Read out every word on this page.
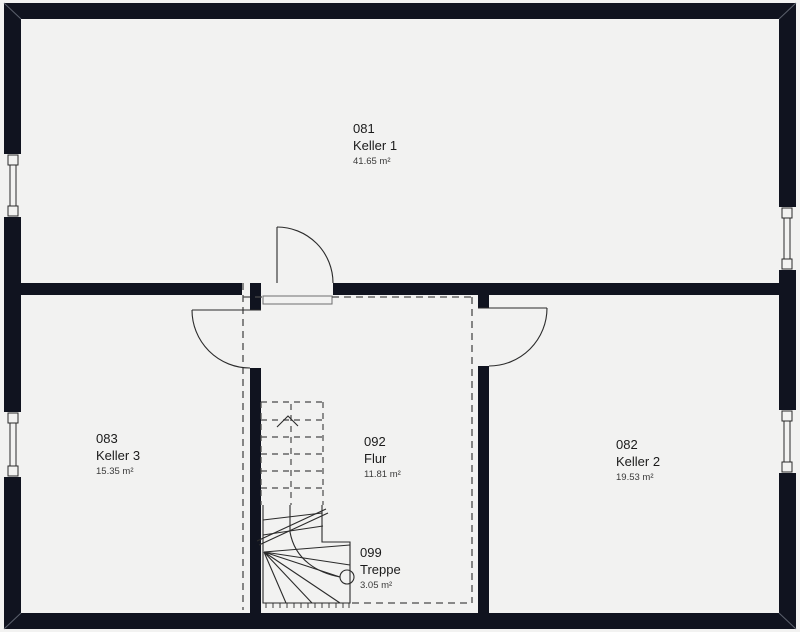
081
Keller 1
41.65 m²
083
Keller 3
15.35 m²
092
Flur
11.81 m²
082
Keller 2
19.53 m²
099
Treppe
3.05 m²
